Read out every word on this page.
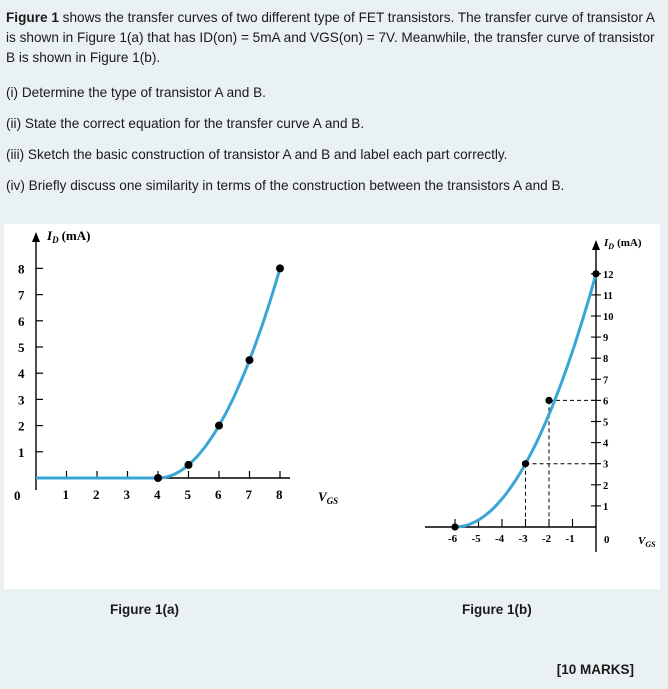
Figure 1 shows the transfer curves of two different type of FET transistors. The transfer curve of transistor A is shown in Figure 1(a) that has ID(on) = 5mA and VGS(on) = 7V. Meanwhile, the transfer curve of transistor B is shown in Figure 1(b).

(i) Determine the type of transistor A and B.
(ii) State the correct equation for the transfer curve A and B.
(iii) Sketch the basic construction of transistor A and B and label each part correctly.
(iv) Briefly discuss one similarity in terms of the construction between the transistors A and B.
$I_D$ (mA)
$V_{GS}$
0	1 2 3 4 5 6 7 8
1
2
3
4
5
6
7
8
$I_D$ (mA)
$V_{GS}$
0
-6 -5 -4 -3 -2 -1
1
2
3
4
5
6
7
8
9
10
11
12
Figure 1(a)	Figure 1(b)
[10 MARKS]
